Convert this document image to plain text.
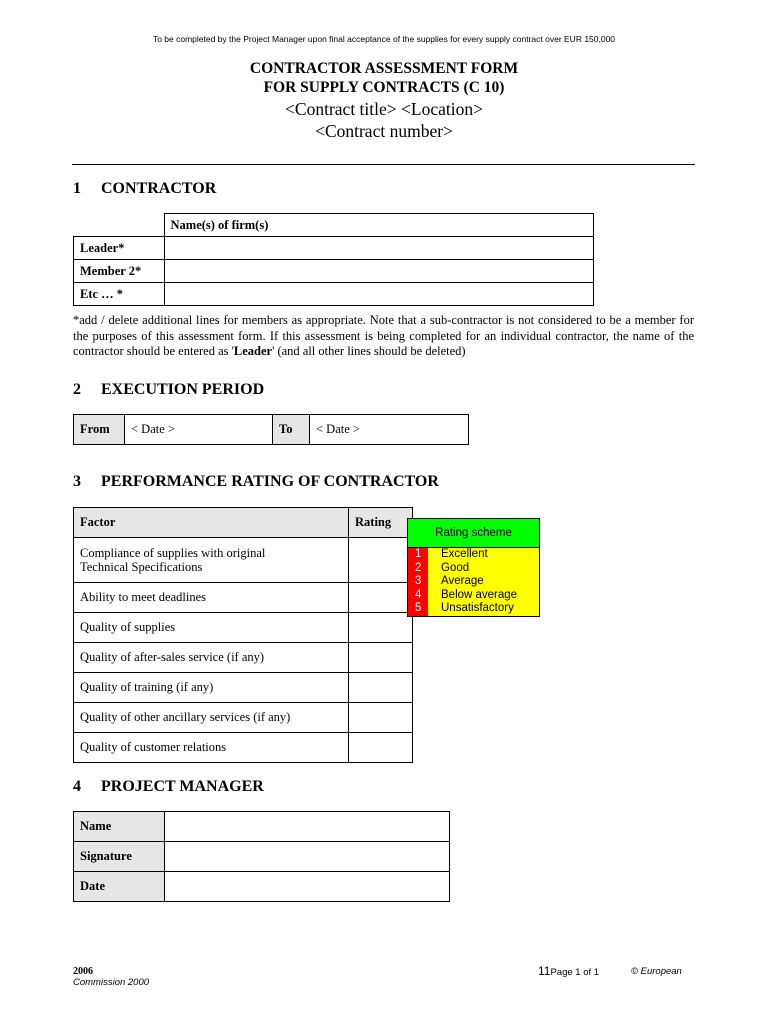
To be completed by the Project Manager upon final acceptance of the supplies for every supply contract over EUR 150,000
CONTRACTOR ASSESSMENT FORM
FOR SUPPLY CONTRACTS (C 10)
<Contract title> <Location>
<Contract number>
1 CONTRACTOR
	Name(s) of firm(s)
Leader*	
Member 2*	
Etc … *	
*add / delete additional lines for members as appropriate. Note that a sub-contractor is not considered to be a member for the purposes of this assessment form. If this assessment is being completed for an individual contractor, the name of the contractor should be entered as 'Leader' (and all other lines should be deleted)
2 EXECUTION PERIOD
From	< Date >	To	< Date >
3 PERFORMANCE RATING OF CONTRACTOR
Factor	Rating
Compliance of supplies with original
Technical Specifications	
Ability to meet deadlines	
Quality of supplies	
Quality of after-sales service (if any)	
Quality of training (if any)	
Quality of other ancillary services (if any)	
Quality of customer relations	
Rating scheme
1	Excellent
2	Good
3	Average
4	Below average
5	Unsatisfactory
4 PROJECT MANAGER
Name	
Signature	
Date	
2006
Commission 2000
11Page 1 of 1	© European
